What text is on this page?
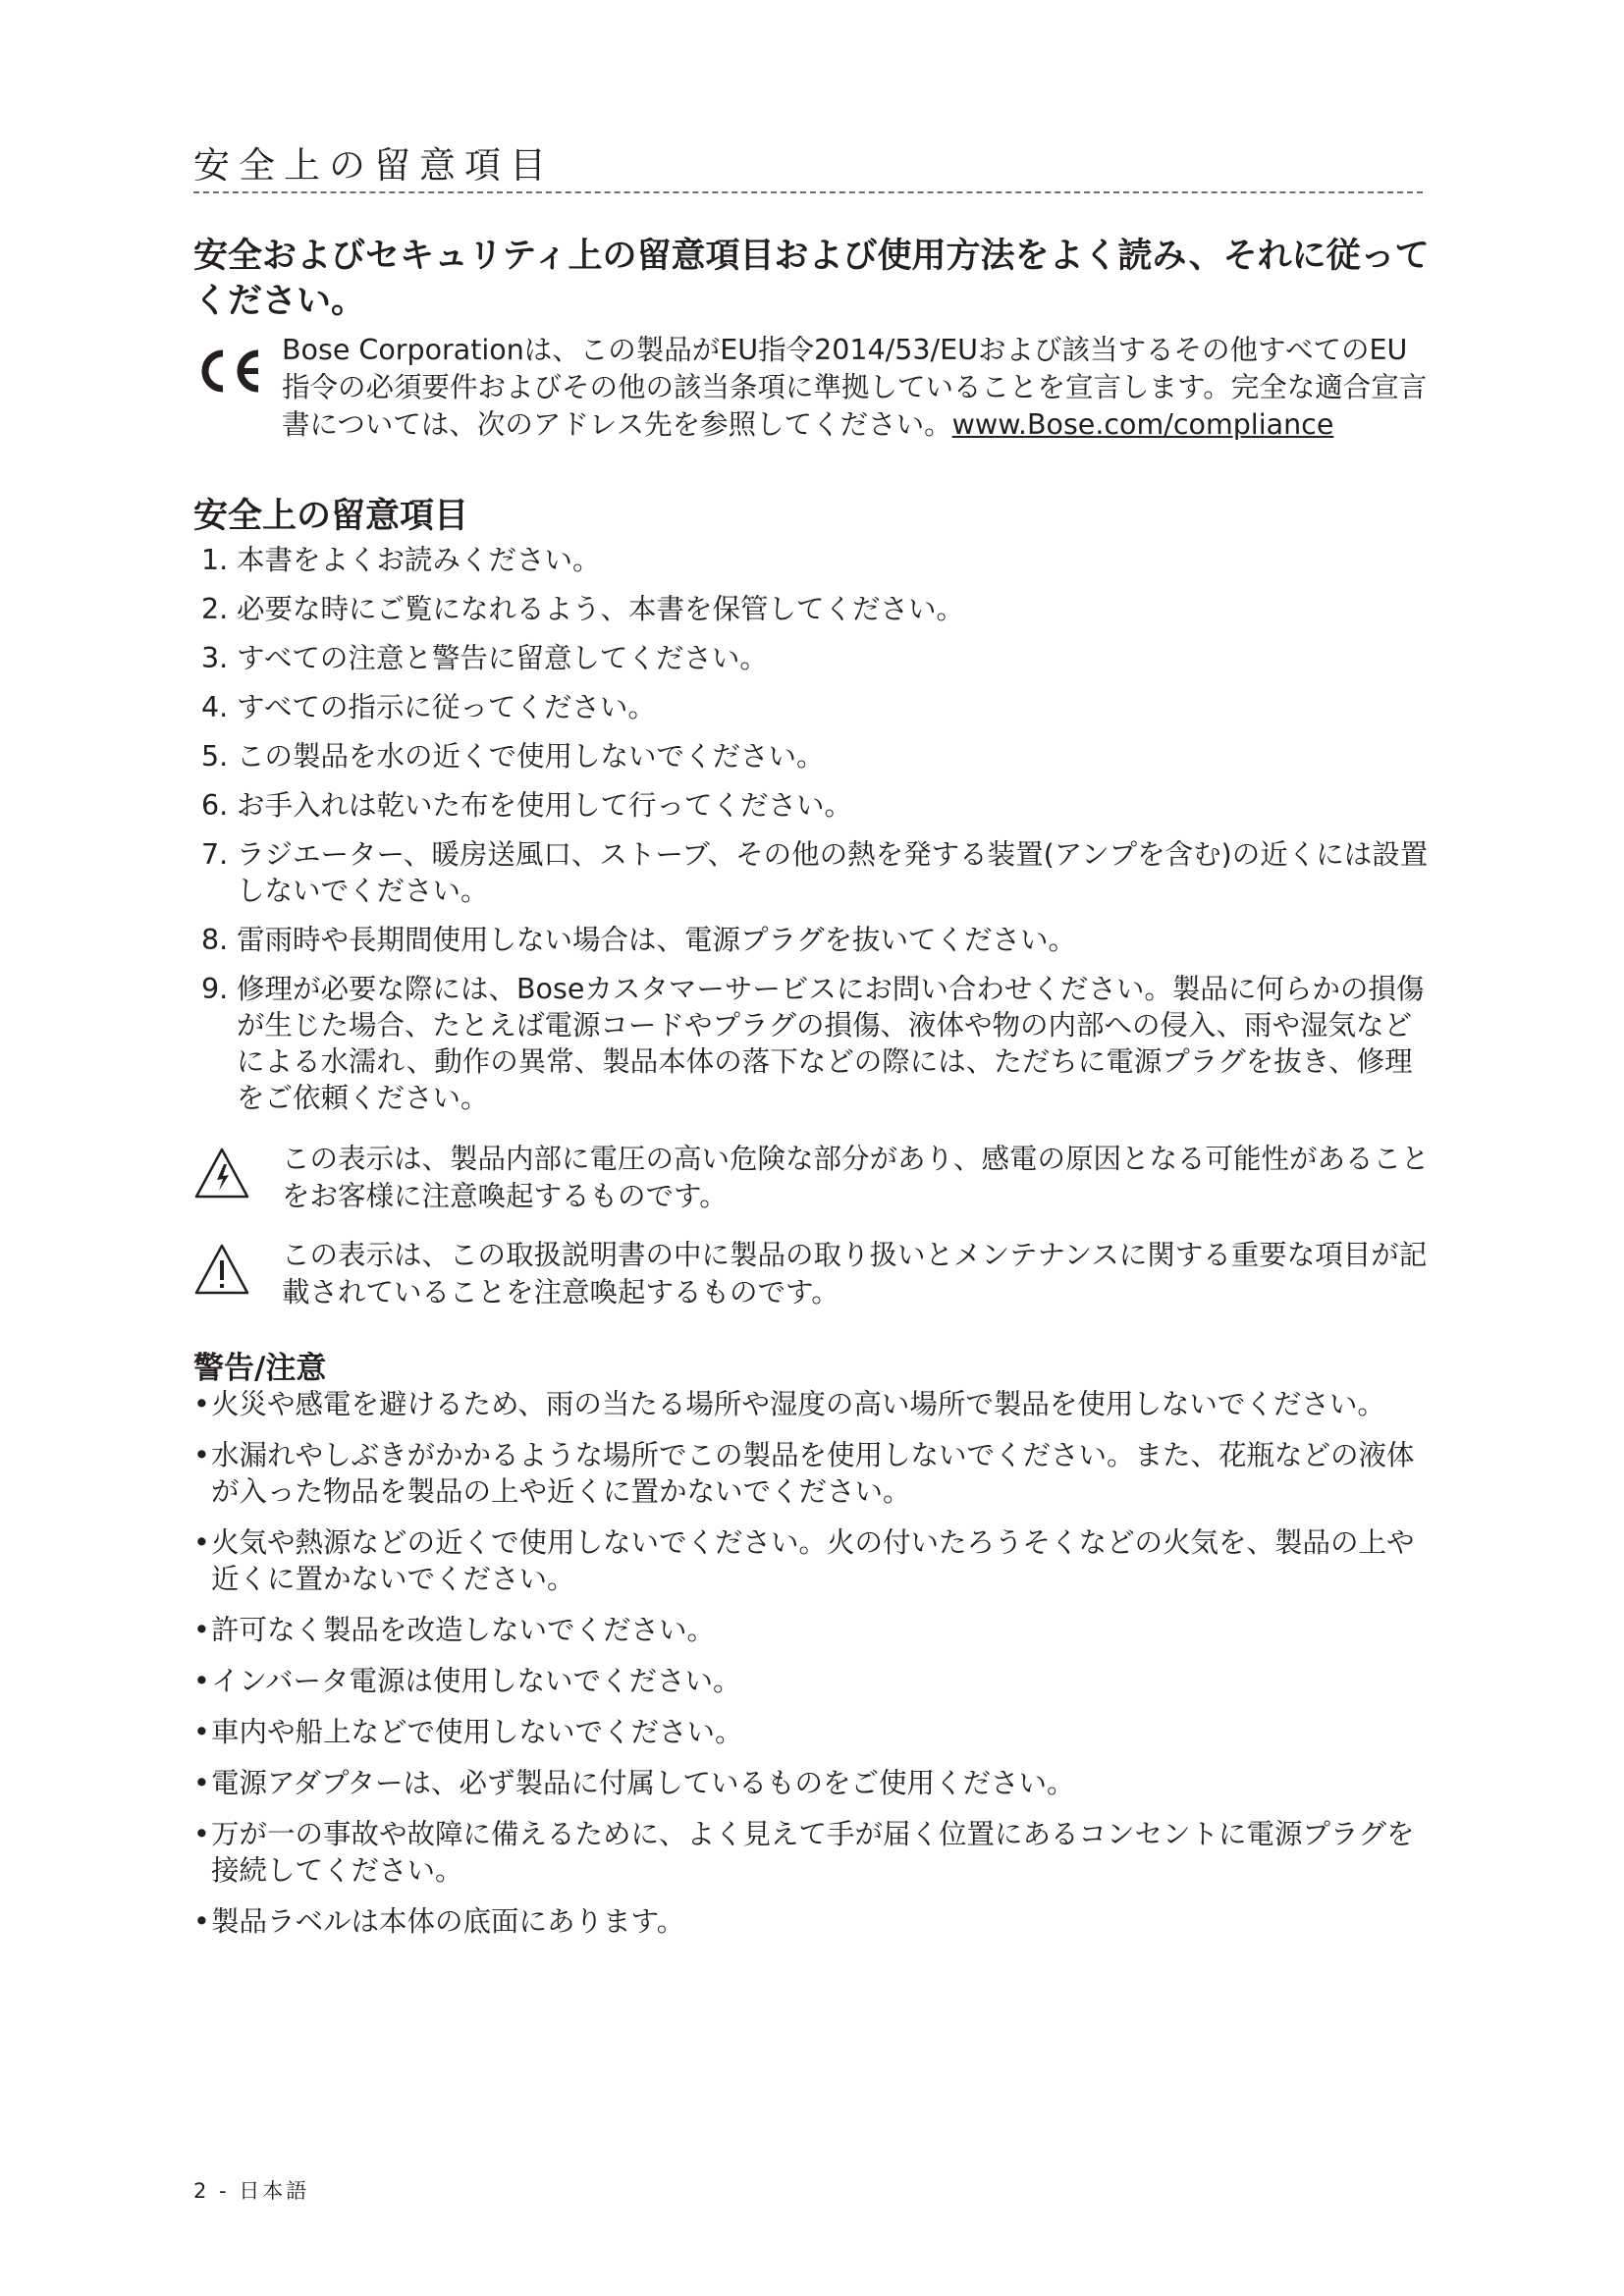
安全上の留意項目

安全およびセキュリティ上の留意項目および使用方法をよく読み、それに従ってください。

Bose Corporationは、この製品がEU指令2014/53/EUおよび該当するその他すべてのEU指令の必須要件およびその他の該当条項に準拠していることを宣言します。完全な適合宣言書については、次のアドレス先を参照してください。www.Bose.com/compliance

安全上の留意項目
1. 本書をよくお読みください。
2. 必要な時にご覧になれるよう、本書を保管してください。
3. すべての注意と警告に留意してください。
4. すべての指示に従ってください。
5. この製品を水の近くで使用しないでください。
6. お手入れは乾いた布を使用して行ってください。
7. ラジエーター、暖房送風口、ストーブ、その他の熱を発する装置(アンプを含む)の近くには設置しないでください。
8. 雷雨時や長期間使用しない場合は、電源プラグを抜いてください。
9. 修理が必要な際には、Boseカスタマーサービスにお問い合わせください。製品に何らかの損傷が生じた場合、たとえば電源コードやプラグの損傷、液体や物の内部への侵入、雨や湿気などによる水濡れ、動作の異常、製品本体の落下などの際には、ただちに電源プラグを抜き、修理をご依頼ください。

この表示は、製品内部に電圧の高い危険な部分があり、感電の原因となる可能性があることをお客様に注意喚起するものです。

この表示は、この取扱説明書の中に製品の取り扱いとメンテナンスに関する重要な項目が記載されていることを注意喚起するものです。

警告/注意
• 火災や感電を避けるため、雨の当たる場所や湿度の高い場所で製品を使用しないでください。
• 水漏れやしぶきがかかるような場所でこの製品を使用しないでください。また、花瓶などの液体が入った物品を製品の上や近くに置かないでください。
• 火気や熱源などの近くで使用しないでください。火の付いたろうそくなどの火気を、製品の上や近くに置かないでください。
• 許可なく製品を改造しないでください。
• インバータ電源は使用しないでください。
• 車内や船上などで使用しないでください。
• 電源アダプターは、必ず製品に付属しているものをご使用ください。
• 万が一の事故や故障に備えるために、よく見えて手が届く位置にあるコンセントに電源プラグを接続してください。
• 製品ラベルは本体の底面にあります。

2 - 日本語
